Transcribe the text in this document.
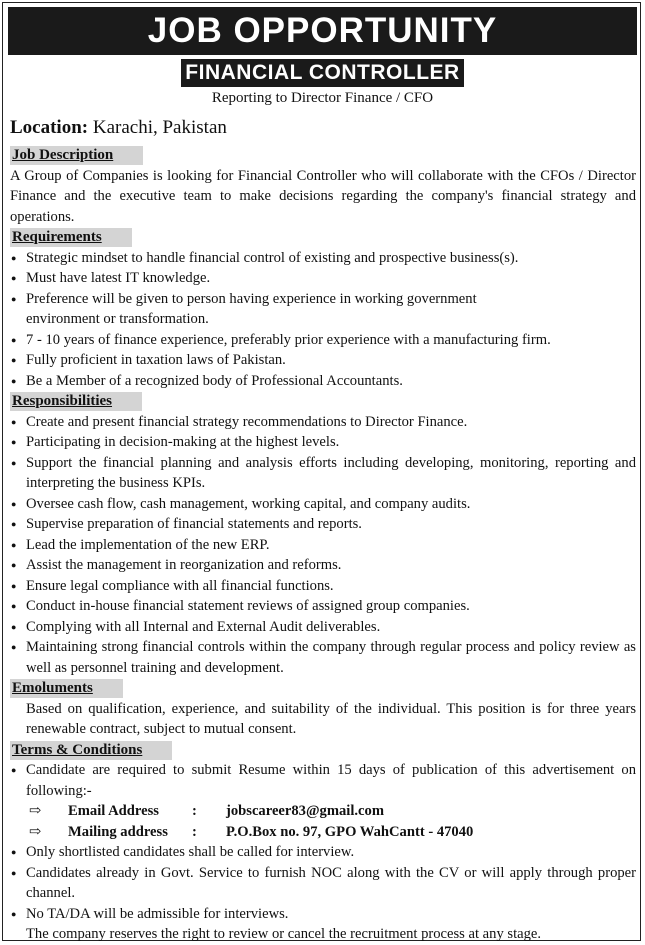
JOB OPPORTUNITY
FINANCIAL CONTROLLER
Reporting to Director Finance / CFO
Location: Karachi, Pakistan
Job Description
A Group of Companies is looking for Financial Controller who will collaborate with the CFOs / Director Finance and the executive team to make decisions regarding the company's financial strategy and operations.
Requirements
● Strategic mindset to handle financial control of existing and prospective business(s).
● Must have latest IT knowledge.
● Preference will be given to person having experience in working government environment or transformation.
● 7 - 10 years of finance experience, preferably prior experience with a manufacturing firm.
● Fully proficient in taxation laws of Pakistan.
● Be a Member of a recognized body of Professional Accountants.
Responsibilities
● Create and present financial strategy recommendations to Director Finance.
● Participating in decision-making at the highest levels.
● Support the financial planning and analysis efforts including developing, monitoring, reporting and interpreting the business KPIs.
● Oversee cash flow, cash management, working capital, and company audits.
● Supervise preparation of financial statements and reports.
● Lead the implementation of the new ERP.
● Assist the management in reorganization and reforms.
● Ensure legal compliance with all financial functions.
● Conduct in-house financial statement reviews of assigned group companies.
● Complying with all Internal and External Audit deliverables.
● Maintaining strong financial controls within the company through regular process and policy review as well as personnel training and development.
Emoluments
Based on qualification, experience, and suitability of the individual. This position is for three years renewable contract, subject to mutual consent.
Terms & Conditions
● Candidate are required to submit Resume within 15 days of publication of this advertisement on following:-
⇨ Email Address : jobscareer83@gmail.com
⇨ Mailing address : P.O.Box no. 97, GPO WahCantt - 47040
● Only shortlisted candidates shall be called for interview.
● Candidates already in Govt. Service to furnish NOC along with the CV or will apply through proper channel.
● No TA/DA will be admissible for interviews.
The company reserves the right to review or cancel the recruitment process at any stage.
